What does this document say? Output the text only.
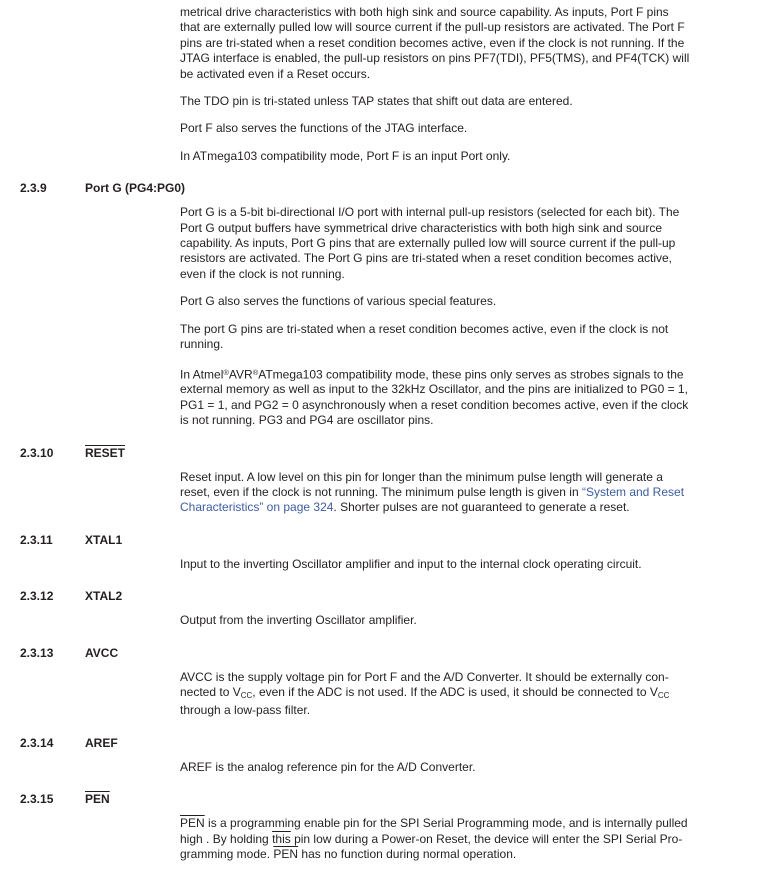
metrical drive characteristics with both high sink and source capability. As inputs, Port F pins
that are externally pulled low will source current if the pull-up resistors are activated. The Port F
pins are tri-stated when a reset condition becomes active, even if the clock is not running. If the
JTAG interface is enabled, the pull-up resistors on pins PF7(TDI), PF5(TMS), and PF4(TCK) will
be activated even if a Reset occurs.
The TDO pin is tri-stated unless TAP states that shift out data are entered.
Port F also serves the functions of the JTAG interface.
In ATmega103 compatibility mode, Port F is an input Port only.
2.3.9	Port G (PG4:PG0)
Port G is a 5-bit bi-directional I/O port with internal pull-up resistors (selected for each bit). The
Port G output buffers have symmetrical drive characteristics with both high sink and source
capability. As inputs, Port G pins that are externally pulled low will source current if the pull-up
resistors are activated. The Port G pins are tri-stated when a reset condition becomes active,
even if the clock is not running.
Port G also serves the functions of various special features.
The port G pins are tri-stated when a reset condition becomes active, even if the clock is not
running.
In Atmel®AVR®ATmega103 compatibility mode, these pins only serves as strobes signals to the
external memory as well as input to the 32kHz Oscillator, and the pins are initialized to PG0 = 1,
PG1 = 1, and PG2 = 0 asynchronously when a reset condition becomes active, even if the clock
is not running. PG3 and PG4 are oscillator pins.
2.3.10	RESET
Reset input. A low level on this pin for longer than the minimum pulse length will generate a
reset, even if the clock is not running. The minimum pulse length is given in “System and Reset
Characteristics” on page 324. Shorter pulses are not guaranteed to generate a reset.
2.3.11	XTAL1
Input to the inverting Oscillator amplifier and input to the internal clock operating circuit.
2.3.12	XTAL2
Output from the inverting Oscillator amplifier.
2.3.13	AVCC
AVCC is the supply voltage pin for Port F and the A/D Converter. It should be externally con-
nected to VCC, even if the ADC is not used. If the ADC is used, it should be connected to VCC
through a low-pass filter.
2.3.14	AREF
AREF is the analog reference pin for the A/D Converter.
2.3.15	$\overline{PEN}$
$\overline{PEN}$ is a programming enable pin for the SPI Serial Programming mode, and is internally pulled
high . By holding this pin low during a Power-on Reset, the device will enter the SPI Serial Pro-
gramming mode. $\overline{PEN}$ has no function during normal operation.
